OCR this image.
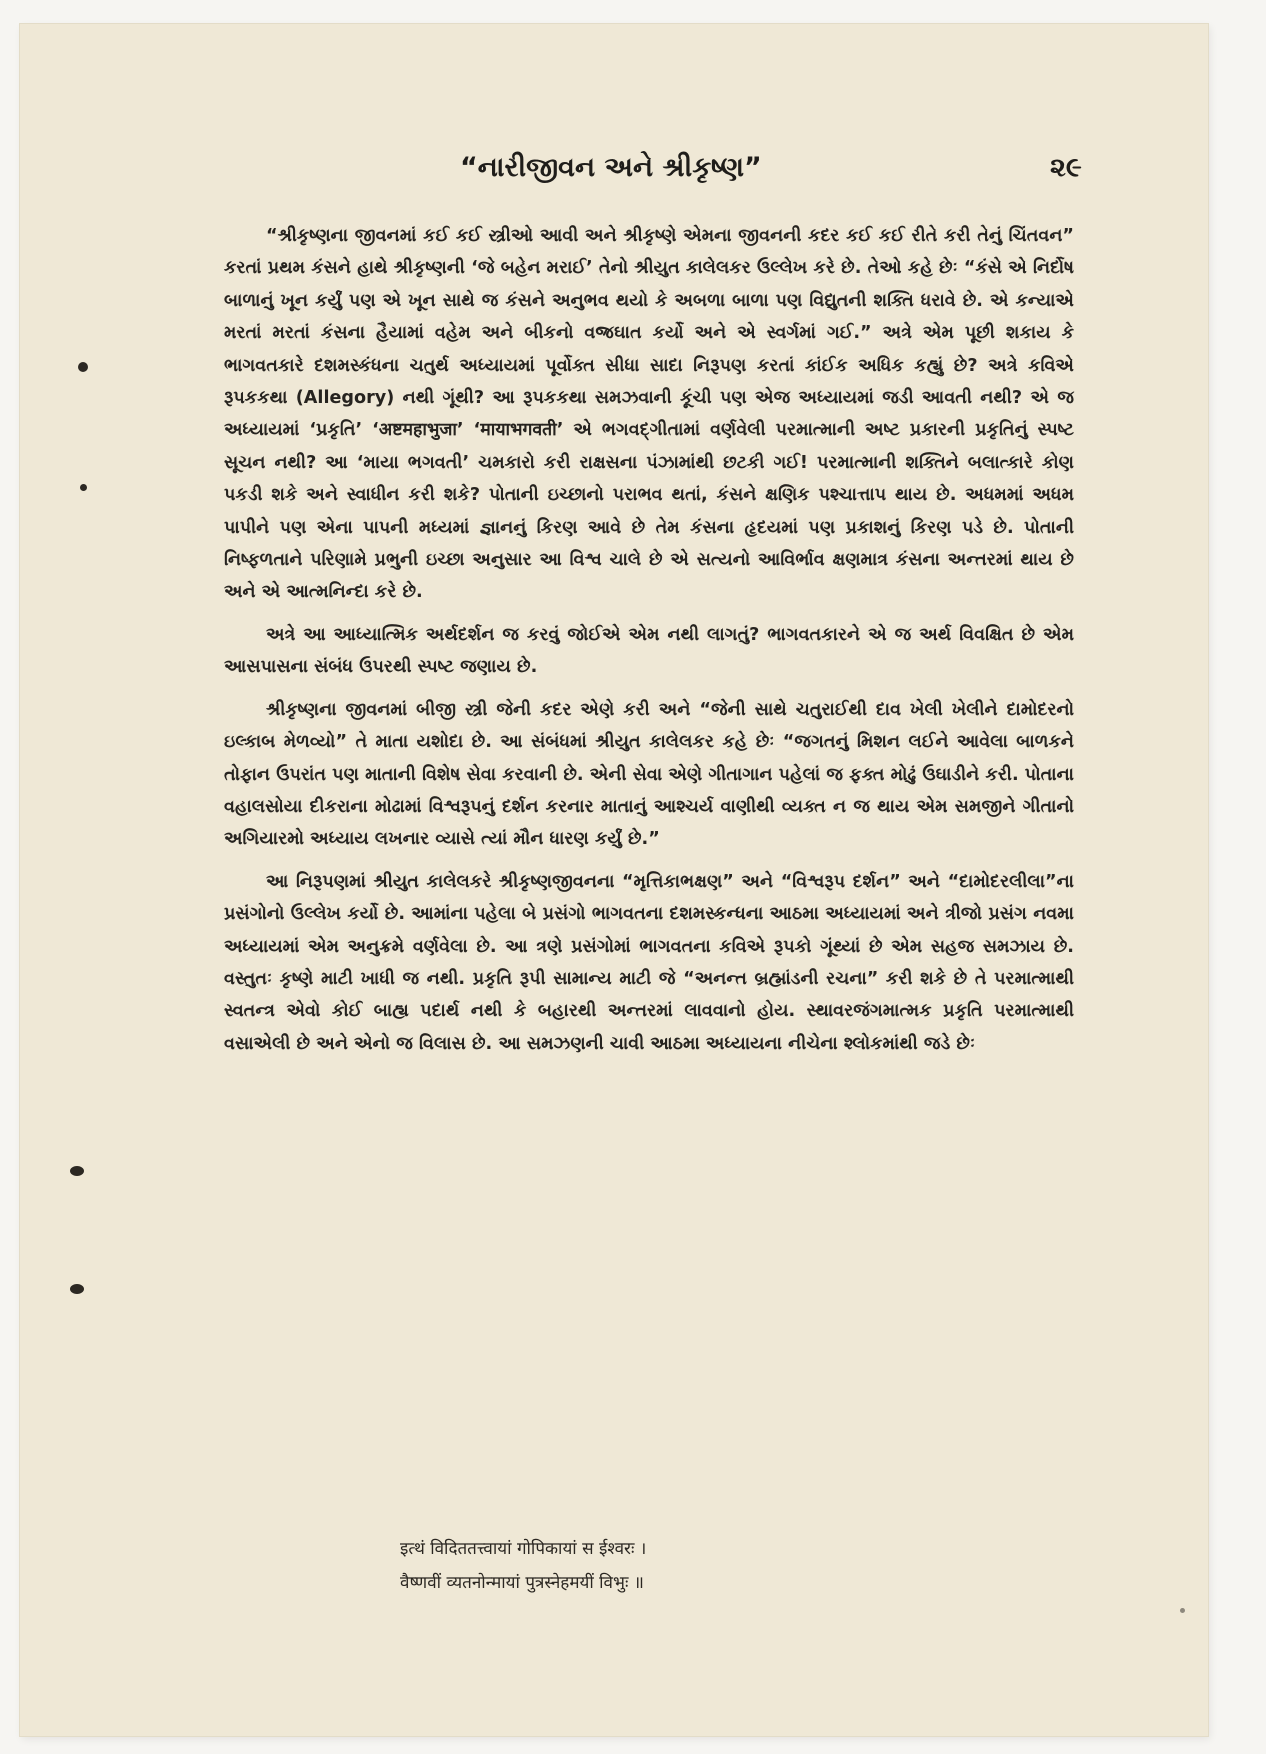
“નારીજીવન અને શ્રીકૃષ્ણ”	૨૯

“શ્રીકૃષ્ણના જીવનમાં કઈ કઈ સ્ત્રીઓ આવી અને શ્રીકૃષ્ણે એમના જીવનની કદર કઈ કઈ રીતે કરી તેનું ચિંતવન” કરતાં પ્રથમ કંસને હાથે શ્રીકૃષ્ણની ‘જે બહેન મરાઈ’ તેનો શ્રીયુત કાલેલકર ઉલ્લેખ કરે છે. તેઓ કહે છેઃ “કંસે એ નિર્દોષ બાળાનું ખૂન કર્યું પણ એ ખૂન સાથે જ કંસને અનુભવ થયો કે અબળા બાળા પણ વિદ્યુતની શક્તિ ધરાવે છે. એ કન્યાએ મરતાં મરતાં કંસના હૈયામાં વહેમ અને બીકનો વજ્રઘાત કર્યો અને એ સ્વર્ગમાં ગઈ.” અત્રે એમ પૂછી શકાય કે ભાગવતકારે દશમસ્કંધના ચતુર્થ અધ્યાયમાં પૂર્વોક્ત સીધા સાદા નિરૂપણ કરતાં કાંઈક અધિક કહ્યું છે? અત્રે કવિએ રૂપકકથા (Allegory) નથી ગૂંથી? આ રૂપકકથા સમઝવાની કૂંચી પણ એજ અધ્યાયમાં જડી આવતી નથી? એ જ અધ્યાયમાં ‘પ્રકૃતિ’ ‘अष्टमहाभुजा’ ‘मायाभगवती’ એ ભગવદ્ગીતામાં વર્ણવેલી પરમાત્માની અષ્ટ પ્રકારની પ્રકૃતિનું સ્પષ્ટ સૂચન નથી? આ ‘માયા ભગવતી’ ચમકારો કરી રાક્ષસના પંઝામાંથી છટકી ગઈ! પરમાત્માની શક્તિને બલાત્કારે કોણ પકડી શકે અને સ્વાધીન કરી શકે? પોતાની ઇચ્છાનો પરાભવ થતાં, કંસને ક્ષણિક પશ્ચાત્તાપ થાય છે. અધમમાં અધમ પાપીને પણ એના પાપની મધ્યમાં જ્ઞાનનું કિરણ આવે છે તેમ કંસના હૃદયમાં પણ પ્રકાશનું કિરણ પડે છે. પોતાની નિષ્ફળતાને પરિણામે પ્રભુની ઇચ્છા અનુસાર આ વિશ્વ ચાલે છે એ સત્યનો આવિર્ભાવ ક્ષણમાત્ર કંસના અન્તરમાં થાય છે અને એ આત્મનિન્દા કરે છે.

અત્રે આ આધ્યાત્મિક અર્થદર્શન જ કરવું જોઈએ એમ નથી લાગતું? ભાગવતકારને એ જ અર્થ વિવક્ષિત છે એમ આસપાસના સંબંધ ઉપરથી સ્પષ્ટ જણાય છે.

શ્રીકૃષ્ણના જીવનમાં બીજી સ્ત્રી જેની કદર એણે કરી અને “જેની સાથે ચતુરાઈથી દાવ ખેલી ખેલીને દામોદરનો ઇલ્કાબ મેળવ્યો” તે માતા યશોદા છે. આ સંબંધમાં શ્રીયુત કાલેલકર કહે છેઃ “જગતનું મિશન લઈને આવેલા બાળકને તોફાન ઉપરાંત પણ માતાની વિશેષ સેવા કરવાની છે. એની સેવા એણે ગીતાગાન પહેલાં જ ફક્ત મોઢું ઉઘાડીને કરી. પોતાના વહાલસોયા દીકરાના મોઢામાં વિશ્વરૂપનું દર્શન કરનાર માતાનું આશ્ચર્ય વાણીથી વ્યક્ત ન જ થાય એમ સમજીને ગીતાનો અગિયારમો અધ્યાય લખનાર વ્યાસે ત્યાં મૌન ધારણ કર્યું છે.”

આ નિરૂપણમાં શ્રીયુત કાલેલકરે શ્રીકૃષ્ણજીવનના “મૃત્તિકાભક્ષણ” અને “વિશ્વરૂપ દર્શન” અને “દામોદરલીલા”ના પ્રસંગોનો ઉલ્લેખ કર્યો છે. આમાંના પહેલા બે પ્રસંગો ભાગવતના દશમસ્કન્ધના આઠમા અધ્યાયમાં અને ત્રીજો પ્રસંગ નવમા અધ્યાયમાં એમ અનુક્રમે વર્ણવેલા છે. આ ત્રણે પ્રસંગોમાં ભાગવતના કવિએ રૂપકો ગૂંથ્યાં છે એમ સહજ સમઝાય છે. વસ્તુતઃ કૃષ્ણે માટી ખાધી જ નથી. પ્રકૃતિ રૂપી સામાન્ય માટી જે “અનન્ત બ્રહ્માંડની રચના” કરી શકે છે તે પરમાત્માથી સ્વતન્ત્ર એવો કોઈ બાહ્ય પદાર્થ નથી કે બહારથી અન્તરમાં લાવવાનો હોય. સ્થાવરજંગમાત્મક પ્રકૃતિ પરમાત્માથી વસાએલી છે અને એનો જ વિલાસ છે. આ સમઝણની ચાવી આઠમા અધ્યાયના નીચેના શ્લોકમાંથી જડે છેઃ

इत्थं विदिततत्त्वायां गोपिकायां स ईश्वरः ।
वैष्णवीं व्यतनोन्मायां पुत्रस्नेहमयीं विभुः ॥
